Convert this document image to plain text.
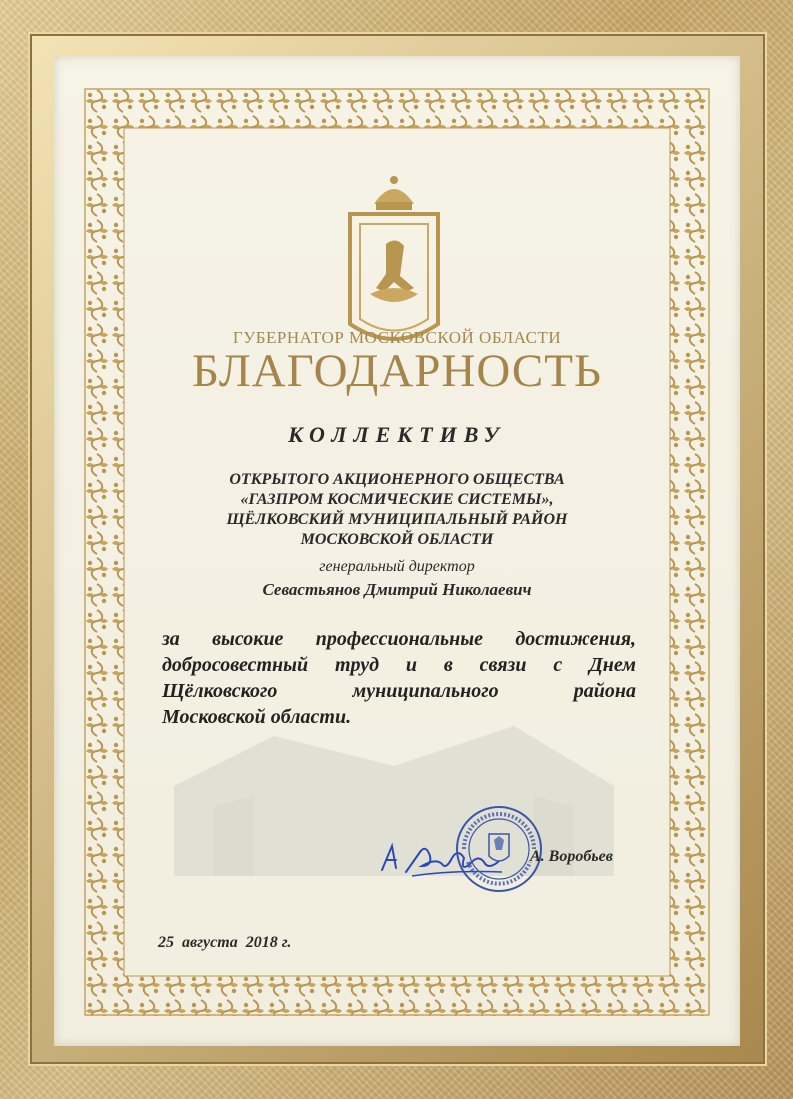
ГУБЕРНАТОР МОСКОВСКОЙ ОБЛАСТИ
БЛАГОДАРНОСТЬ
КОЛЛЕКТИВУ
ОТКРЫТОГО АКЦИОНЕРНОГО ОБЩЕСТВА
«ГАЗПРОМ КОСМИЧЕСКИЕ СИСТЕМЫ»,
ЩЁЛКОВСКИЙ МУНИЦИПАЛЬНЫЙ РАЙОН
МОСКОВСКОЙ ОБЛАСТИ
генеральный директор
Севастьянов Дмитрий Николаевич
за высокие профессиональные достижения,
добросовестный труд и в связи с Днем
Щёлковского	муниципального	района
Московской области.
А. Воробьев
25  августа  2018 г.
